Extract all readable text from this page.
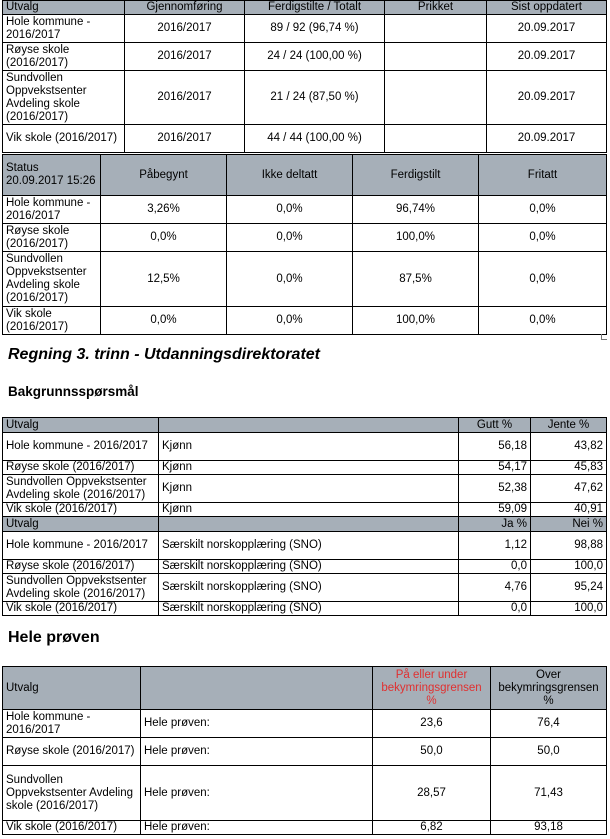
Utvalg	Gjennomføring	Ferdigstilte / Totalt	Prikket	Sist oppdatert
Hole kommune - 2016/2017	2016/2017	89 / 92 (96,74 %)		20.09.2017
Røyse skole (2016/2017)	2016/2017	24 / 24 (100,00 %)		20.09.2017
Sundvollen Oppvekstsenter Avdeling skole (2016/2017)	2016/2017	21 / 24 (87,50 %)		20.09.2017
Vik skole (2016/2017)	2016/2017	44 / 44 (100,00 %)		20.09.2017
Status 20.09.2017 15:26	Påbegynt	Ikke deltatt	Ferdigstilt	Fritatt
Hole kommune - 2016/2017	3,26%	0,0%	96,74%	0,0%
Røyse skole (2016/2017)	0,0%	0,0%	100,0%	0,0%
Sundvollen Oppvekstsenter Avdeling skole (2016/2017)	12,5%	0,0%	87,5%	0,0%
Vik skole (2016/2017)	0,0%	0,0%	100,0%	0,0%
Regning 3. trinn - Utdanningsdirektoratet
Bakgrunnsspørsmål
Utvalg		Gutt %	Jente %
Hole kommune - 2016/2017	Kjønn	56,18	43,82
Røyse skole (2016/2017)	Kjønn	54,17	45,83
Sundvollen Oppvekstsenter Avdeling skole (2016/2017)	Kjønn	52,38	47,62
Vik skole (2016/2017)	Kjønn	59,09	40,91
Utvalg		Ja %	Nei %
Hole kommune - 2016/2017	Særskilt norskopplæring (SNO)	1,12	98,88
Røyse skole (2016/2017)	Særskilt norskopplæring (SNO)	0,0	100,0
Sundvollen Oppvekstsenter Avdeling skole (2016/2017)	Særskilt norskopplæring (SNO)	4,76	95,24
Vik skole (2016/2017)	Særskilt norskopplæring (SNO)	0,0	100,0
Hele prøven
Utvalg		På eller under bekymringsgrensen %	Over bekymringsgrensen %
Hole kommune - 2016/2017	Hele prøven:	23,6	76,4
Røyse skole (2016/2017)	Hele prøven:	50,0	50,0
Sundvollen Oppvekstsenter Avdeling skole (2016/2017)	Hele prøven:	28,57	71,43
Vik skole (2016/2017)	Hele prøven:	6,82	93,18
